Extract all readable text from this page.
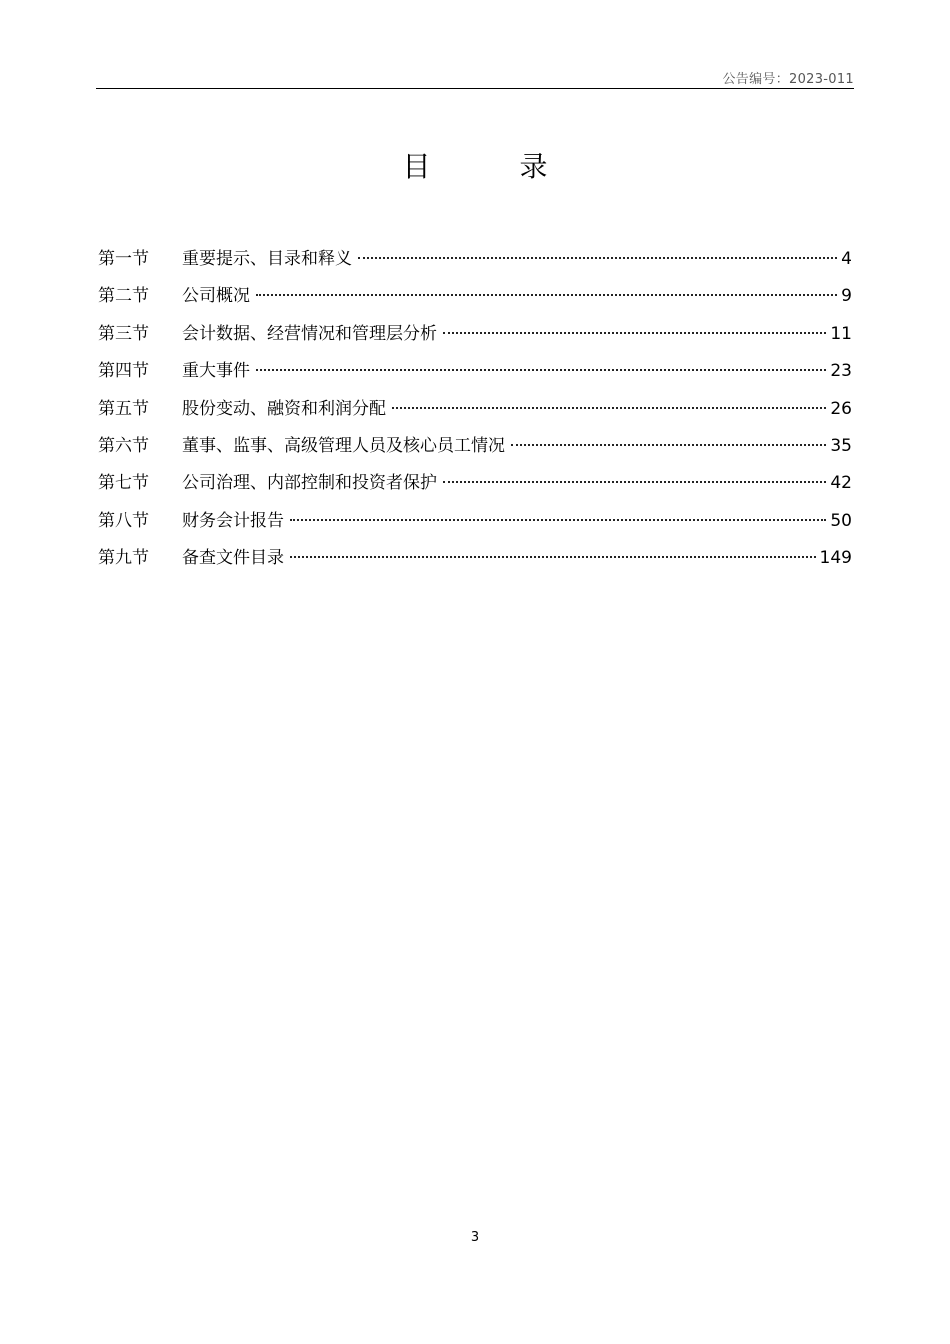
公告编号：2023-011
目 录
第一节	重要提示、目录和释义	4
第二节	公司概况	9
第三节	会计数据、经营情况和管理层分析	11
第四节	重大事件	23
第五节	股份变动、融资和利润分配	26
第六节	董事、监事、高级管理人员及核心员工情况	35
第七节	公司治理、内部控制和投资者保护	42
第八节	财务会计报告	50
第九节	备查文件目录	149
3
